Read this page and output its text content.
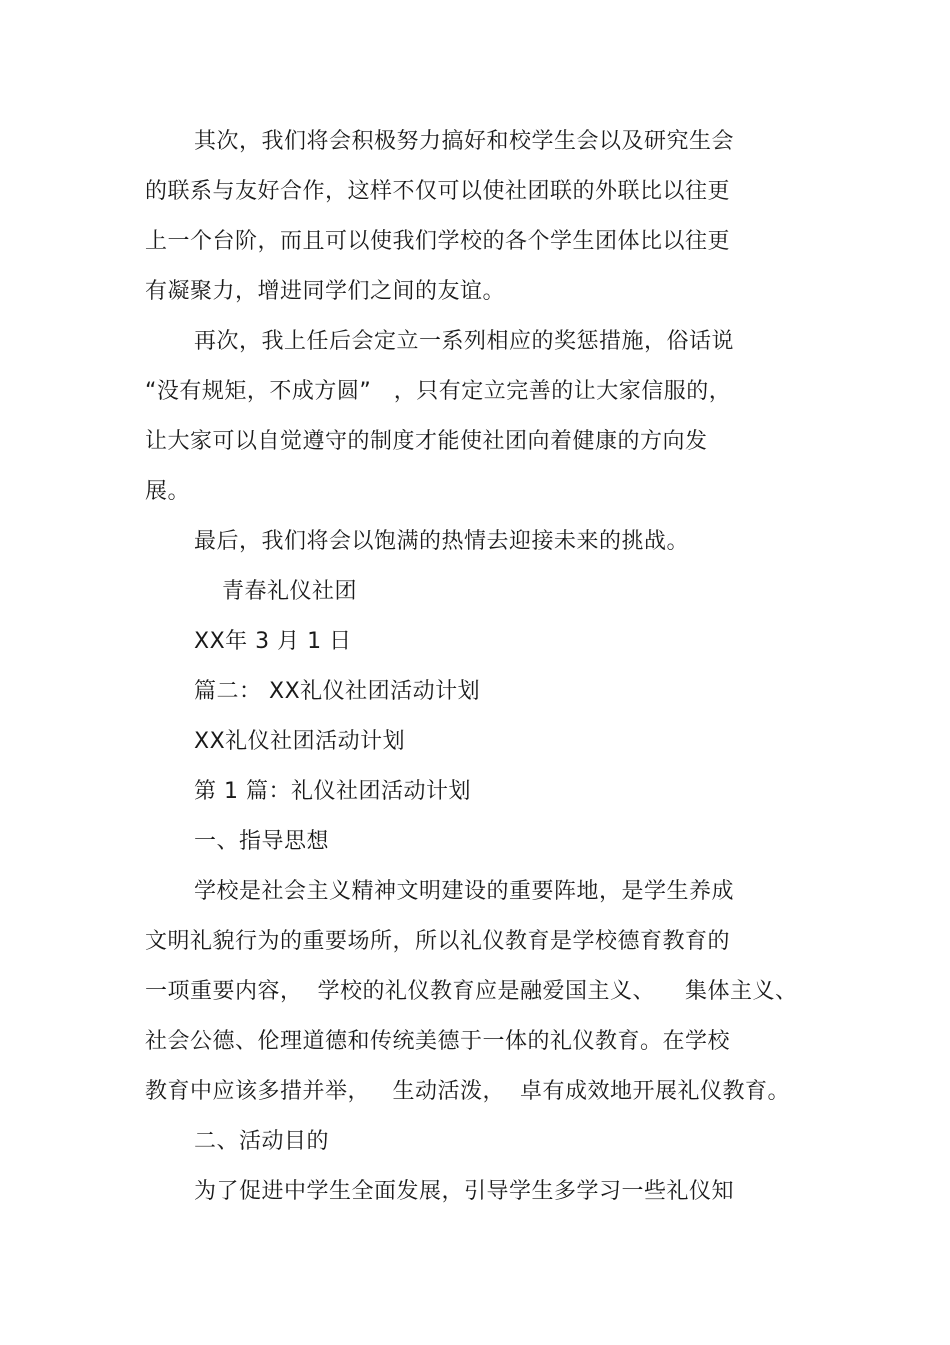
其次，我们将会积极努力搞好和校学生会以及研究生会
的联系与友好合作，这样不仅可以使社团联的外联比以往更
上一个台阶，而且可以使我们学校的各个学生团体比以往更
有凝聚力，增进同学们之间的友谊。
再次，我上任后会定立一系列相应的奖惩措施，俗话说
“没有规矩，不成方圆”   ，只有定立完善的让大家信服的，
让大家可以自觉遵守的制度才能使社团向着健康的方向发
展。
最后，我们将会以饱满的热情去迎接未来的挑战。
青春礼仪社团
XX年 3 月 1 日
篇二： XX礼仪社团活动计划
XX礼仪社团活动计划
第 1 篇：礼仪社团活动计划
一、指导思想
学校是社会主义精神文明建设的重要阵地，是学生养成
文明礼貌行为的重要场所，所以礼仪教育是学校德育教育的
一项重要内容，  学校的礼仪教育应是融爱国主义、    集体主义、
社会公德、伦理道德和传统美德于一体的礼仪教育。在学校
教育中应该多措并举，   生动活泼，  卓有成效地开展礼仪教育。
二、活动目的
为了促进中学生全面发展，引导学生多学习一些礼仪知
